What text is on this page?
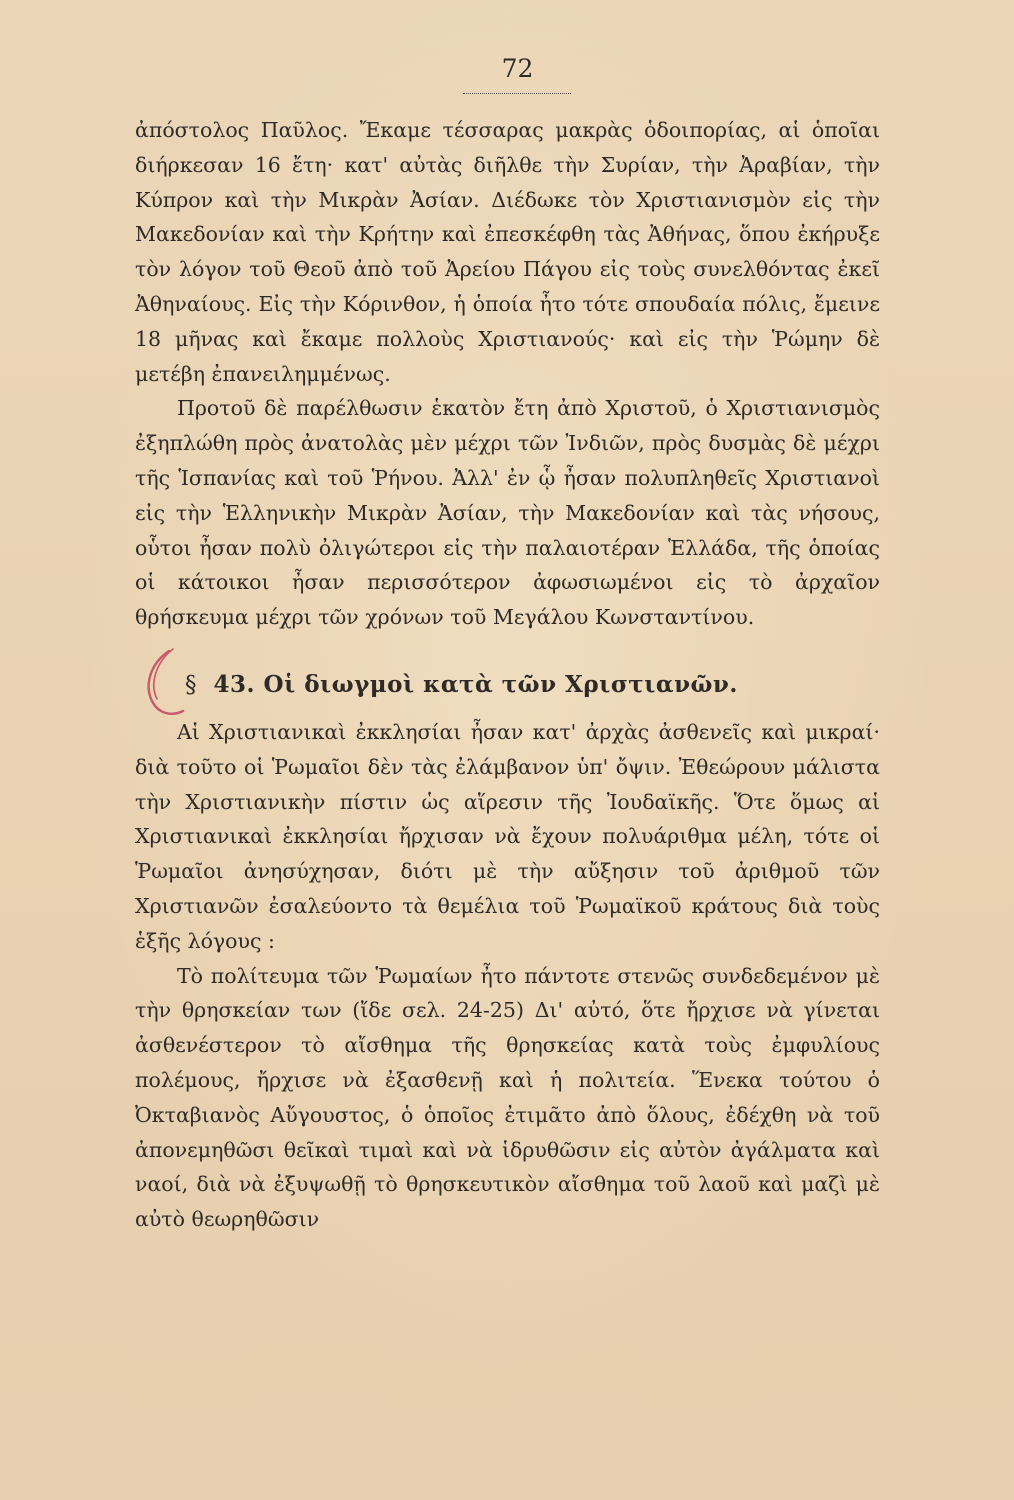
72

ἀπόστολος Παῦλος. Ἔκαμε τέσσαρας μακρὰς ὁδοιπορίας, αἱ ὁποῖαι διήρκεσαν 16 ἔτη· κατ' αὐτὰς διῆλθε τὴν Συρίαν, τὴν Ἀραβίαν, τὴν Κύπρον καὶ τὴν Μικρὰν Ἀσίαν. Διέδωκε τὸν Χριστιανισμὸν εἰς τὴν Μακεδονίαν καὶ τὴν Κρήτην καὶ ἐπεσκέφθη τὰς Ἀθήνας, ὅπου ἐκήρυξε τὸν λόγον τοῦ Θεοῦ ἀπὸ τοῦ Ἀρείου Πάγου εἰς τοὺς συνελθόντας ἐκεῖ Ἀθηναίους. Εἰς τὴν Κόρινθον, ἡ ὁποία ἦτο τότε σπουδαία πόλις, ἔμεινε 18 μῆνας καὶ ἔκαμε πολλοὺς Χριστιανούς· καὶ εἰς τὴν Ῥώμην δὲ μετέβη ἐπανειλημμένως.

Προτοῦ δὲ παρέλθωσιν ἑκατὸν ἔτη ἀπὸ Χριστοῦ, ὁ Χριστιανισμὸς ἐξηπλώθη πρὸς ἀνατολὰς μὲν μέχρι τῶν Ἰνδιῶν, πρὸς δυσμὰς δὲ μέχρι τῆς Ἱσπανίας καὶ τοῦ Ῥήνου. Ἀλλ' ἐν ᾧ ἦσαν πολυπληθεῖς Χριστιανοὶ εἰς τὴν Ἑλληνικὴν Μικρὰν Ἀσίαν, τὴν Μακεδονίαν καὶ τὰς νήσους, οὗτοι ἦσαν πολὺ ὀλιγώτεροι εἰς τὴν παλαιοτέραν Ἑλλάδα, τῆς ὁποίας οἱ κάτοικοι ἦσαν περισσότερον ἀφωσιωμένοι εἰς τὸ ἀρχαῖον θρήσκευμα μέχρι τῶν χρόνων τοῦ Μεγάλου Κωνσταντίνου.

§ 43. Οἱ διωγμοὶ κατὰ τῶν Χριστιανῶν.

Αἱ Χριστιανικαὶ ἐκκλησίαι ἦσαν κατ' ἀρχὰς ἀσθενεῖς καὶ μικραί· διὰ τοῦτο οἱ Ῥωμαῖοι δὲν τὰς ἐλάμβανον ὑπ' ὄψιν. Ἐθεώρουν μάλιστα τὴν Χριστιανικὴν πίστιν ὡς αἵρεσιν τῆς Ἰουδαϊκῆς. Ὅτε ὅμως αἱ Χριστιανικαὶ ἐκκλησίαι ἤρχισαν νὰ ἔχουν πολυάριθμα μέλη, τότε οἱ Ῥωμαῖοι ἀνησύχησαν, διότι μὲ τὴν αὔξησιν τοῦ ἀριθμοῦ τῶν Χριστιανῶν ἐσαλεύοντο τὰ θεμέλια τοῦ Ῥωμαϊκοῦ κράτους διὰ τοὺς ἑξῆς λόγους :

Τὸ πολίτευμα τῶν Ῥωμαίων ἦτο πάντοτε στενῶς συνδεδεμένον μὲ τὴν θρησκείαν των (ἴδε σελ. 24-25) Δι' αὐτό, ὅτε ἤρχισε νὰ γίνεται ἀσθενέστερον τὸ αἴσθημα τῆς θρησκείας κατὰ τοὺς ἐμφυλίους πολέμους, ἤρχισε νὰ ἐξασθενῇ καὶ ἡ πολιτεία. Ἕνεκα τούτου ὁ Ὀκταβιανὸς Αὔγουστος, ὁ ὁποῖος ἐτιμᾶτο ἀπὸ ὅλους, ἐδέχθη νὰ τοῦ ἀπονεμηθῶσι θεῖκαὶ τιμαὶ καὶ νὰ ἱδρυθῶσιν εἰς αὐτὸν ἀγάλματα καὶ ναοί, διὰ νὰ ἐξυψωθῇ τὸ θρησκευτικὸν αἴσθημα τοῦ λαοῦ καὶ μαζὶ μὲ αὐτὸ θεωρηθῶσιν
